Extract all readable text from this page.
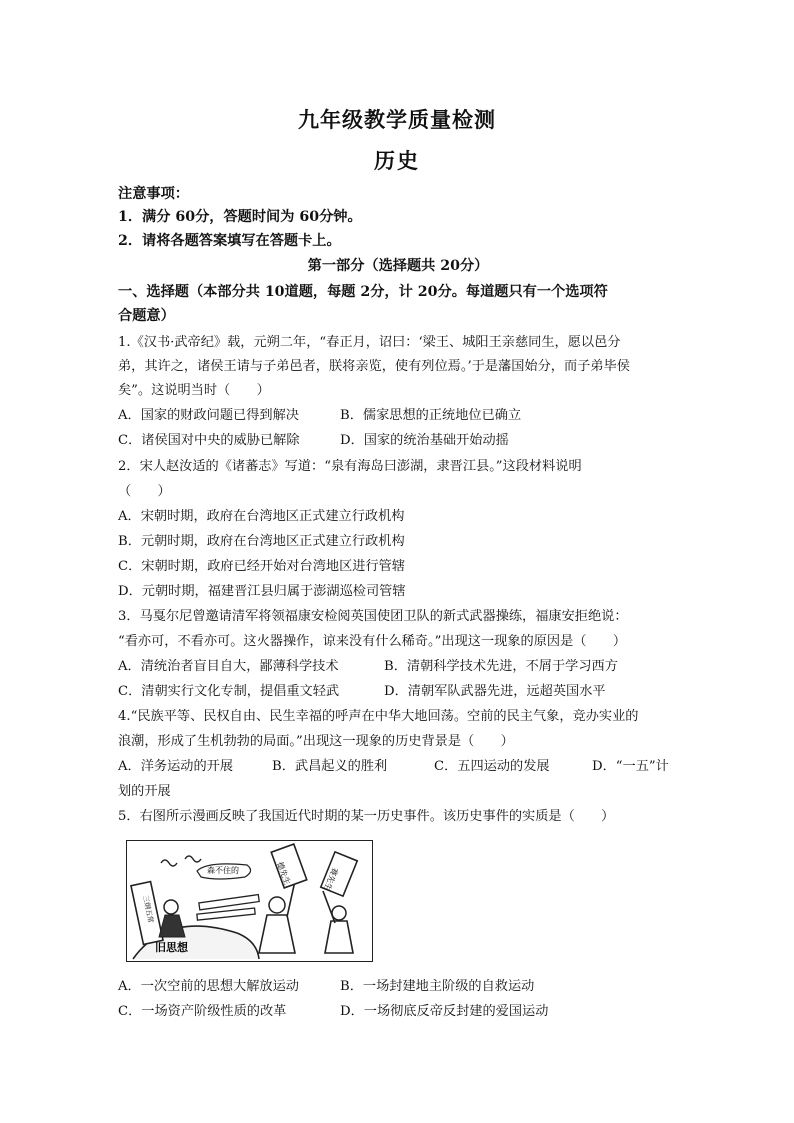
九年级教学质量检测
历史
注意事项：
1．满分 60分，答题时间为 60分钟。
2．请将各题答案填写在答题卡上。
第一部分（选择题共 20分）
一、选择题（本部分共 10道题，每题 2分，计 20分。每道题只有一个选项符
合题意）
1.《汉书·武帝纪》载，元朔二年，“春正月，诏曰：‘梁王、城阳王亲慈同生，愿以邑分
弟，其许之，诸侯王请与子弟邑者，朕将亲览，使有列位焉。’于是藩国始分，而子弟毕侯
矣”。这说明当时（　　）
A．国家的财政问题已得到解决	B．儒家思想的正统地位已确立
C．诸侯国对中央的威胁已解除	D．国家的统治基础开始动摇
2．宋人赵汝适的《诸蕃志》写道：“泉有海岛曰澎湖，隶晋江县。”这段材料说明
（　　）
A．宋朝时期，政府在台湾地区正式建立行政机构
B．元朝时期，政府在台湾地区正式建立行政机构
C．宋朝时期，政府已经开始对台湾地区进行管辖
D．元朝时期，福建晋江县归属于澎湖巡检司管辖
3．马戛尔尼曾邀请清军将领福康安检阅英国使团卫队的新式武器操练，福康安拒绝说：
“看亦可，不看亦可。这火器操作，谅来没有什么稀奇。”出现这一现象的原因是（　　）
A．清统治者盲目自大，鄙薄科学技术	B．清朝科学技术先进，不屑于学习西方
C．清朝实行文化专制，提倡重文轻武	D．清朝军队武器先进，远超英国水平
4.“民族平等、民权自由、民生幸福的呼声在中华大地回荡。空前的民主气象，竞办实业的
浪潮，形成了生机勃勃的局面。”出现这一现象的历史背景是（　　）
A．洋务运动的开展	B．武昌起义的胜利	C．五四运动的发展	D．“一五”计
划的开展
5．右图所示漫画反映了我国近代时期的某一历史事件。该历史事件的实质是（　　）
森不住的
三纲五常
德先生	赛先生
旧思想
A．一次空前的思想大解放运动	B．一场封建地主阶级的自救运动
C．一场资产阶级性质的改革	D．一场彻底反帝反封建的爱国运动
